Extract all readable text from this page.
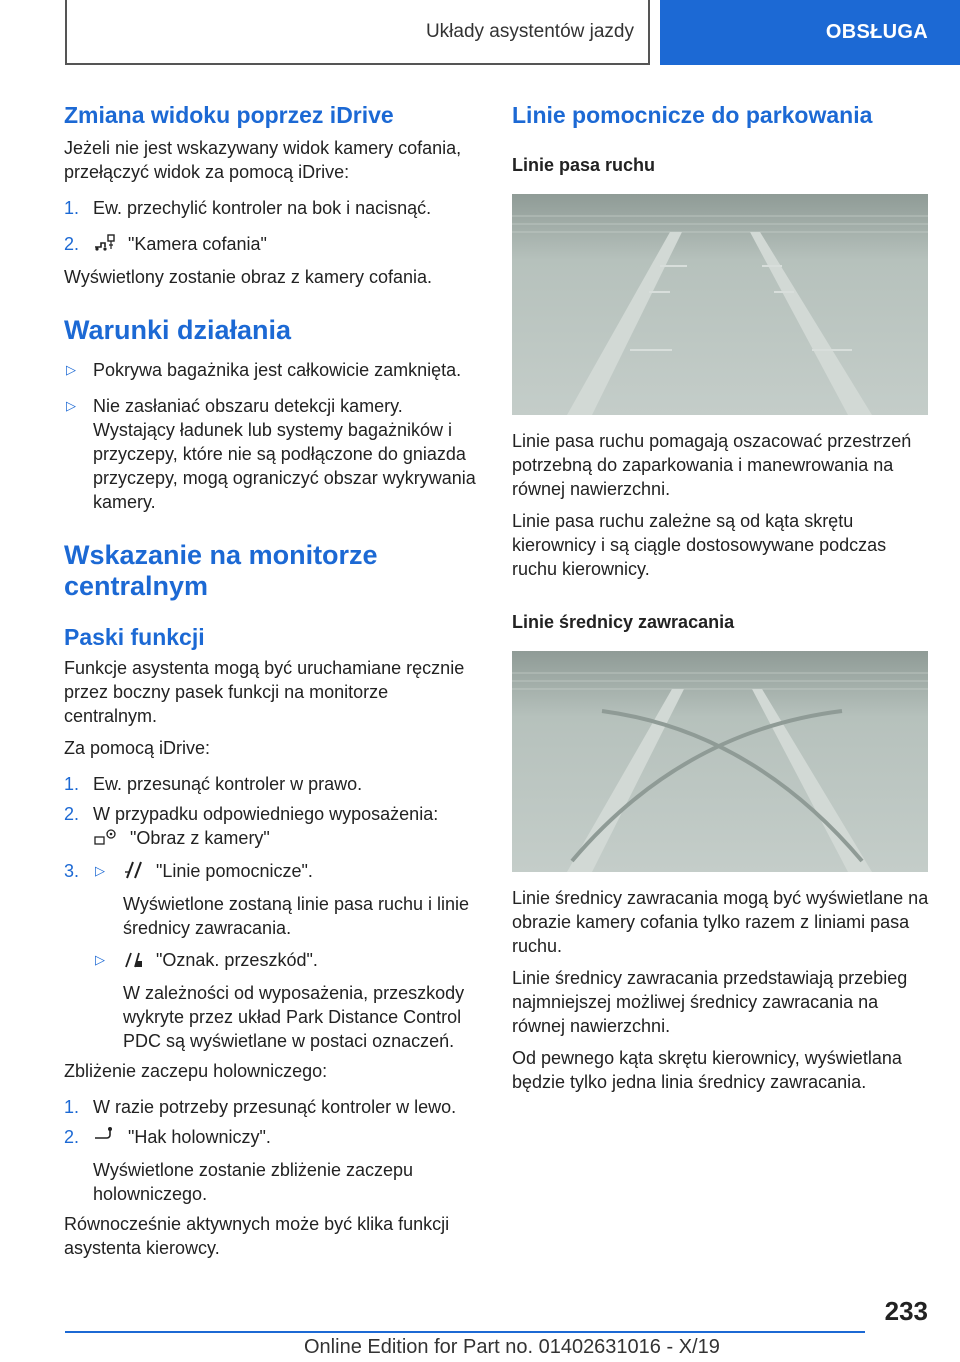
Układy asystentów jazdy	OBSŁUGA
Zmiana widoku poprzez iDrive
Jeżeli nie jest wskazywany widok kamery cofania, przełączyć widok za pomocą iDrive:
1. Ew. przechylić kontroler na bok i nacisnąć.
2.	"Kamera cofania"
Wyświetlony zostanie obraz z kamery cofania.
Warunki działania
▷ Pokrywa bagażnika jest całkowicie zamknięta.
▷ Nie zasłaniać obszaru detekcji kamery. Wystający ładunek lub systemy bagażników i przyczepy, które nie są podłączone do gniazda przyczepy, mogą ograniczyć obszar wykrywania kamery.
Wskazanie na monitorze centralnym
Paski funkcji
Funkcje asystenta mogą być uruchamiane ręcznie przez boczny pasek funkcji na monitorze centralnym.
Za pomocą iDrive:
1. Ew. przesunąć kontroler w prawo.
2. W przypadku odpowiedniego wyposażenia:
"Obraz z kamery"
3. ▷	"Linie pomocnicze".
Wyświetlone zostaną linie pasa ruchu i linie średnicy zawracania.
▷	"Oznak. przeszkód".
W zależności od wyposażenia, przeszkody wykryte przez układ Park Distance Control PDC są wyświetlane w postaci oznaczeń.
Zbliżenie zaczepu holowniczego:
1. W razie potrzeby przesunąć kontroler w lewo.
2.	"Hak holowniczy".
Wyświetlone zostanie zbliżenie zaczepu holowniczego.
Równocześnie aktywnych może być klika funkcji asystenta kierowcy.
Linie pomocnicze do parkowania
Linie pasa ruchu
Linie pasa ruchu pomagają oszacować przestrzeń potrzebną do zaparkowania i manewrowania na równej nawierzchni.
Linie pasa ruchu zależne są od kąta skrętu kierownicy i są ciągle dostosowywane podczas ruchu kierownicy.
Linie średnicy zawracania
Linie średnicy zawracania mogą być wyświetlane na obrazie kamery cofania tylko razem z liniami pasa ruchu.
Linie średnicy zawracania przedstawiają przebieg najmniejszej możliwej średnicy zawracania na równej nawierzchni.
Od pewnego kąta skrętu kierownicy, wyświetlana będzie tylko jedna linia średnicy zawracania.
233
Online Edition for Part no. 01402631016 - X/19
